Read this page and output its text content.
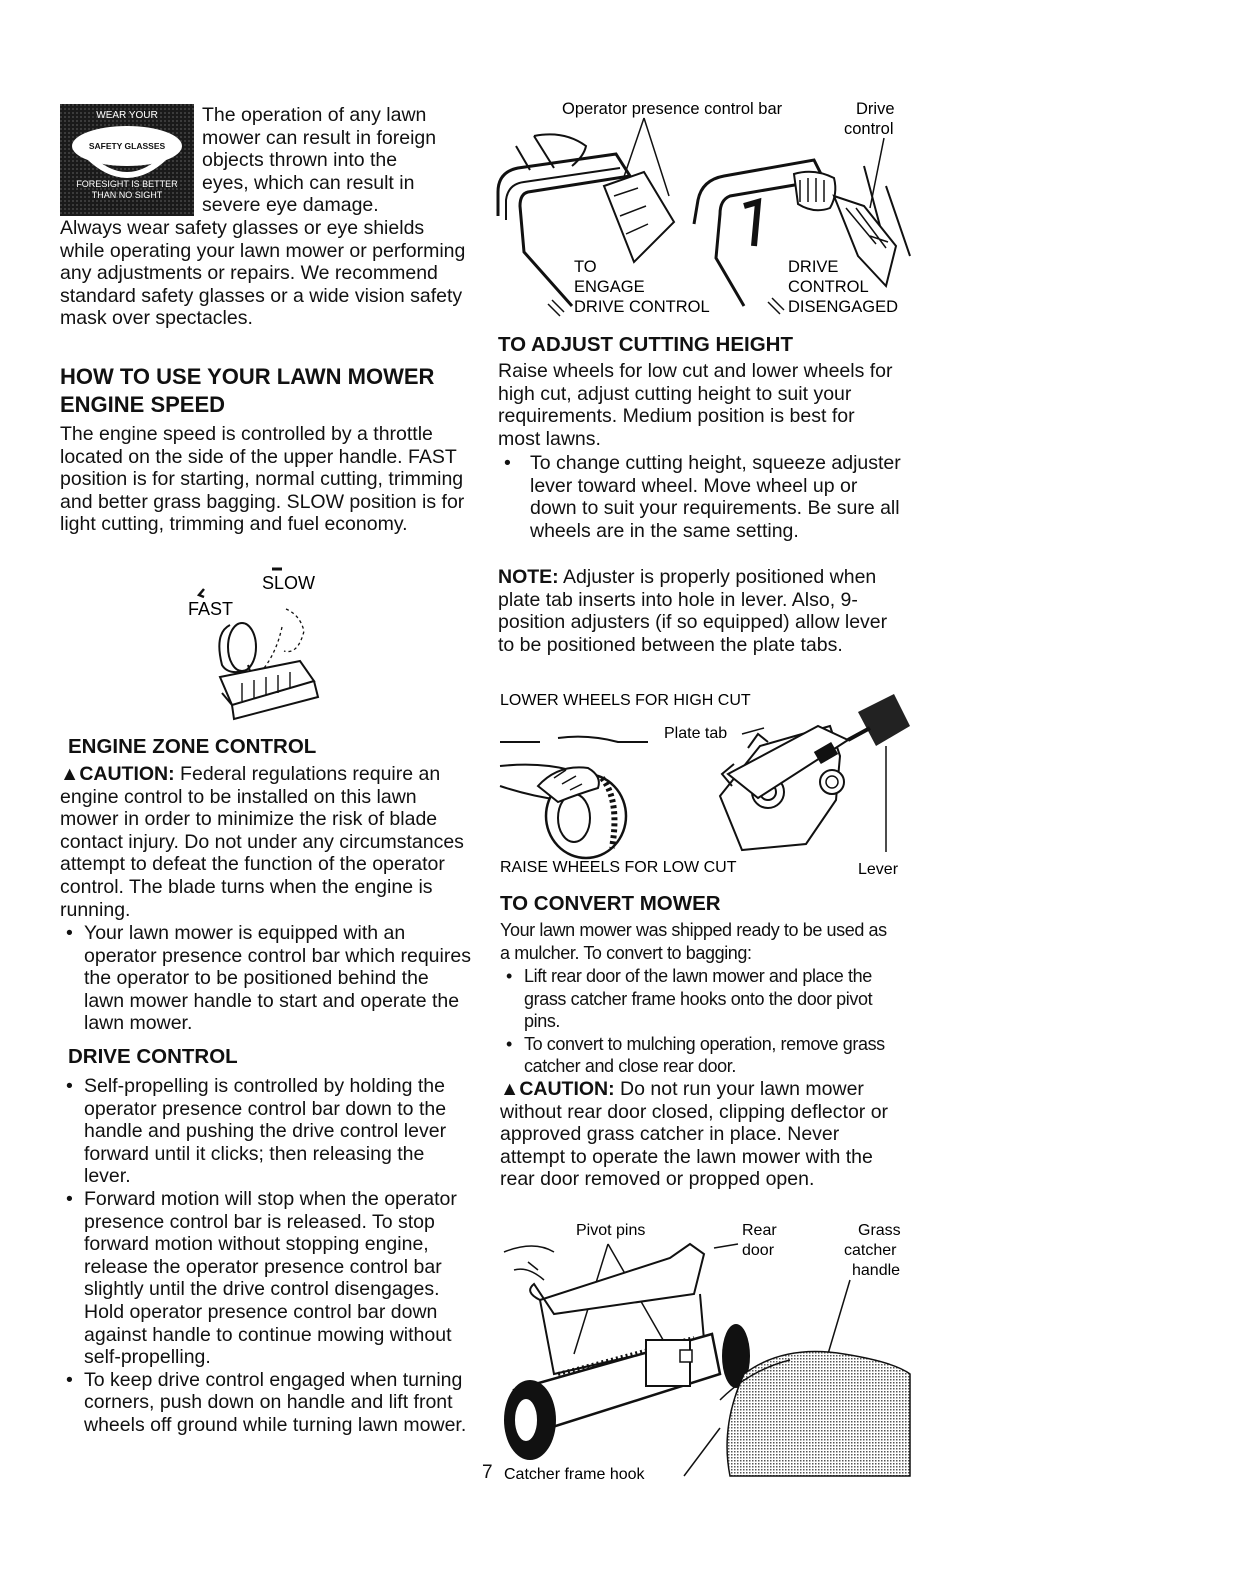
WEAR YOUR
SAFETY GLASSES
FORESIGHT IS BETTER
THAN NO SIGHT
The operation of any lawn
mower can result in foreign
objects thrown into the
eyes, which can result in
severe eye damage.

Always wear safety glasses or eye shields while operating your lawn mower or performing any adjustments or repairs. We recommend standard safety glasses or a wide vision safety mask over spectacles.

HOW TO USE YOUR LAWN MOWER
ENGINE SPEED

The engine speed is controlled by a throttle located on the side of the upper handle. FAST position is for starting, normal cutting, trimming and better grass bagging. SLOW position is for light cutting, trimming and fuel economy.

SLOW
FAST
ENGINE ZONE CONTROL
▲CAUTION: Federal regulations require an engine control to be installed on this lawn mower in order to minimize the risk of blade contact injury. Do not under any circumstances attempt to defeat the function of the operator control. The blade turns when the engine is running.
• Your lawn mower is equipped with an operator presence control bar which requires the operator to be positioned behind the lawn mower handle to start and operate the lawn mower.
DRIVE CONTROL
• Self-propelling is controlled by holding the operator presence control bar down to the handle and pushing the drive control lever forward until it clicks; then releasing the lever.
• Forward motion will stop when the operator presence control bar is released. To stop forward motion without stopping engine, release the operator presence control bar slightly until the drive control disengages. Hold operator presence control bar down against handle to continue mowing without self-propelling.
• To keep drive control engaged when turning corners, push down on handle and lift front wheels off ground while turning lawn mower.
Operator presence control bar	Drive
control
TO
ENGAGE
DRIVE CONTROL
DRIVE
CONTROL
DISENGAGED
TO ADJUST CUTTING HEIGHT

Raise wheels for low cut and lower wheels for high cut, adjust cutting height to suit your requirements. Medium position is best for most lawns.

• To change cutting height, squeeze adjuster lever toward wheel. Move wheel up or down to suit your requirements. Be sure all wheels are in the same setting.
NOTE: Adjuster is properly positioned when plate tab inserts into hole in lever. Also, 9-position adjusters (if so equipped) allow lever to be positioned between the plate tabs.
LOWER WHEELS FOR HIGH CUT
Plate tab
RAISE WHEELS FOR LOW CUT	Lever
TO CONVERT MOWER

Your lawn mower was shipped ready to be used as a mulcher. To convert to bagging:

• Lift rear door of the lawn mower and place the grass catcher frame hooks onto the door pivot pins.
• To convert to mulching operation, remove grass catcher and close rear door.
▲CAUTION: Do not run your lawn mower without rear door closed, clipping deflector or approved grass catcher in place. Never attempt to operate the lawn mower with the rear door removed or propped open.
Pivot pins	Rear
door
Grass
catcher
handle
Catcher frame hook
7
